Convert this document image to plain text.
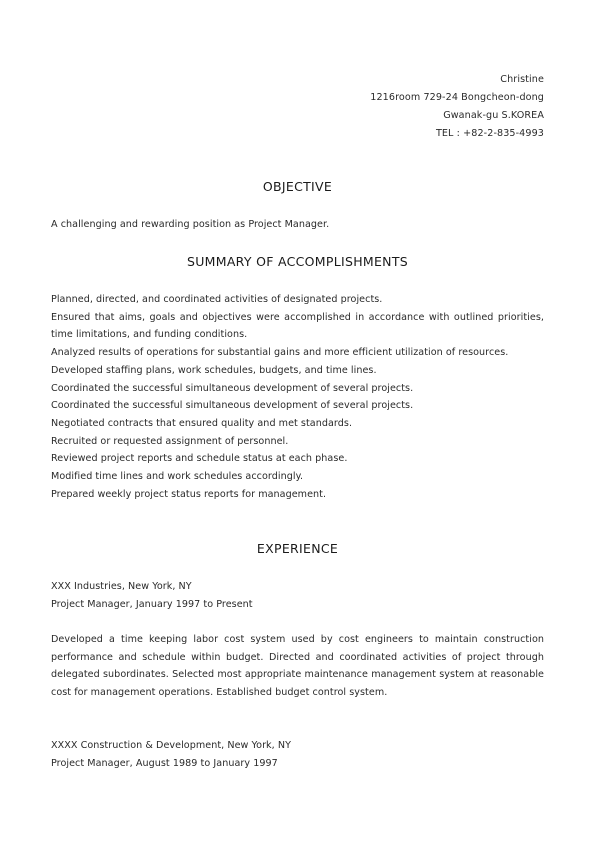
Christine
1216room 729-24 Bongcheon-dong
Gwanak-gu S.KOREA
TEL : +82-2-835-4993
OBJECTIVE
A challenging and rewarding position as Project Manager.
SUMMARY OF ACCOMPLISHMENTS
Planned, directed, and coordinated activities of designated projects.
Ensured that aims, goals and objectives were accomplished in accordance with outlined priorities, time limitations, and funding conditions.
Analyzed results of operations for substantial gains and more efficient utilization of resources.
Developed staffing plans, work schedules, budgets, and time lines.
Coordinated the successful simultaneous development of several projects.
Coordinated the successful simultaneous development of several projects.
Negotiated contracts that ensured quality and met standards.
Recruited or requested assignment of personnel.
Reviewed project reports and schedule status at each phase.
Modified time lines and work schedules accordingly.
Prepared weekly project status reports for management.
EXPERIENCE
XXX Industries, New York, NY
Project Manager, January 1997 to Present
Developed a time keeping labor cost system used by cost engineers to maintain construction performance and schedule within budget. Directed and coordinated activities of project through delegated subordinates. Selected most appropriate maintenance management system at reasonable cost for management operations. Established budget control system.
XXXX Construction & Development, New York, NY
Project Manager, August 1989 to January 1997
